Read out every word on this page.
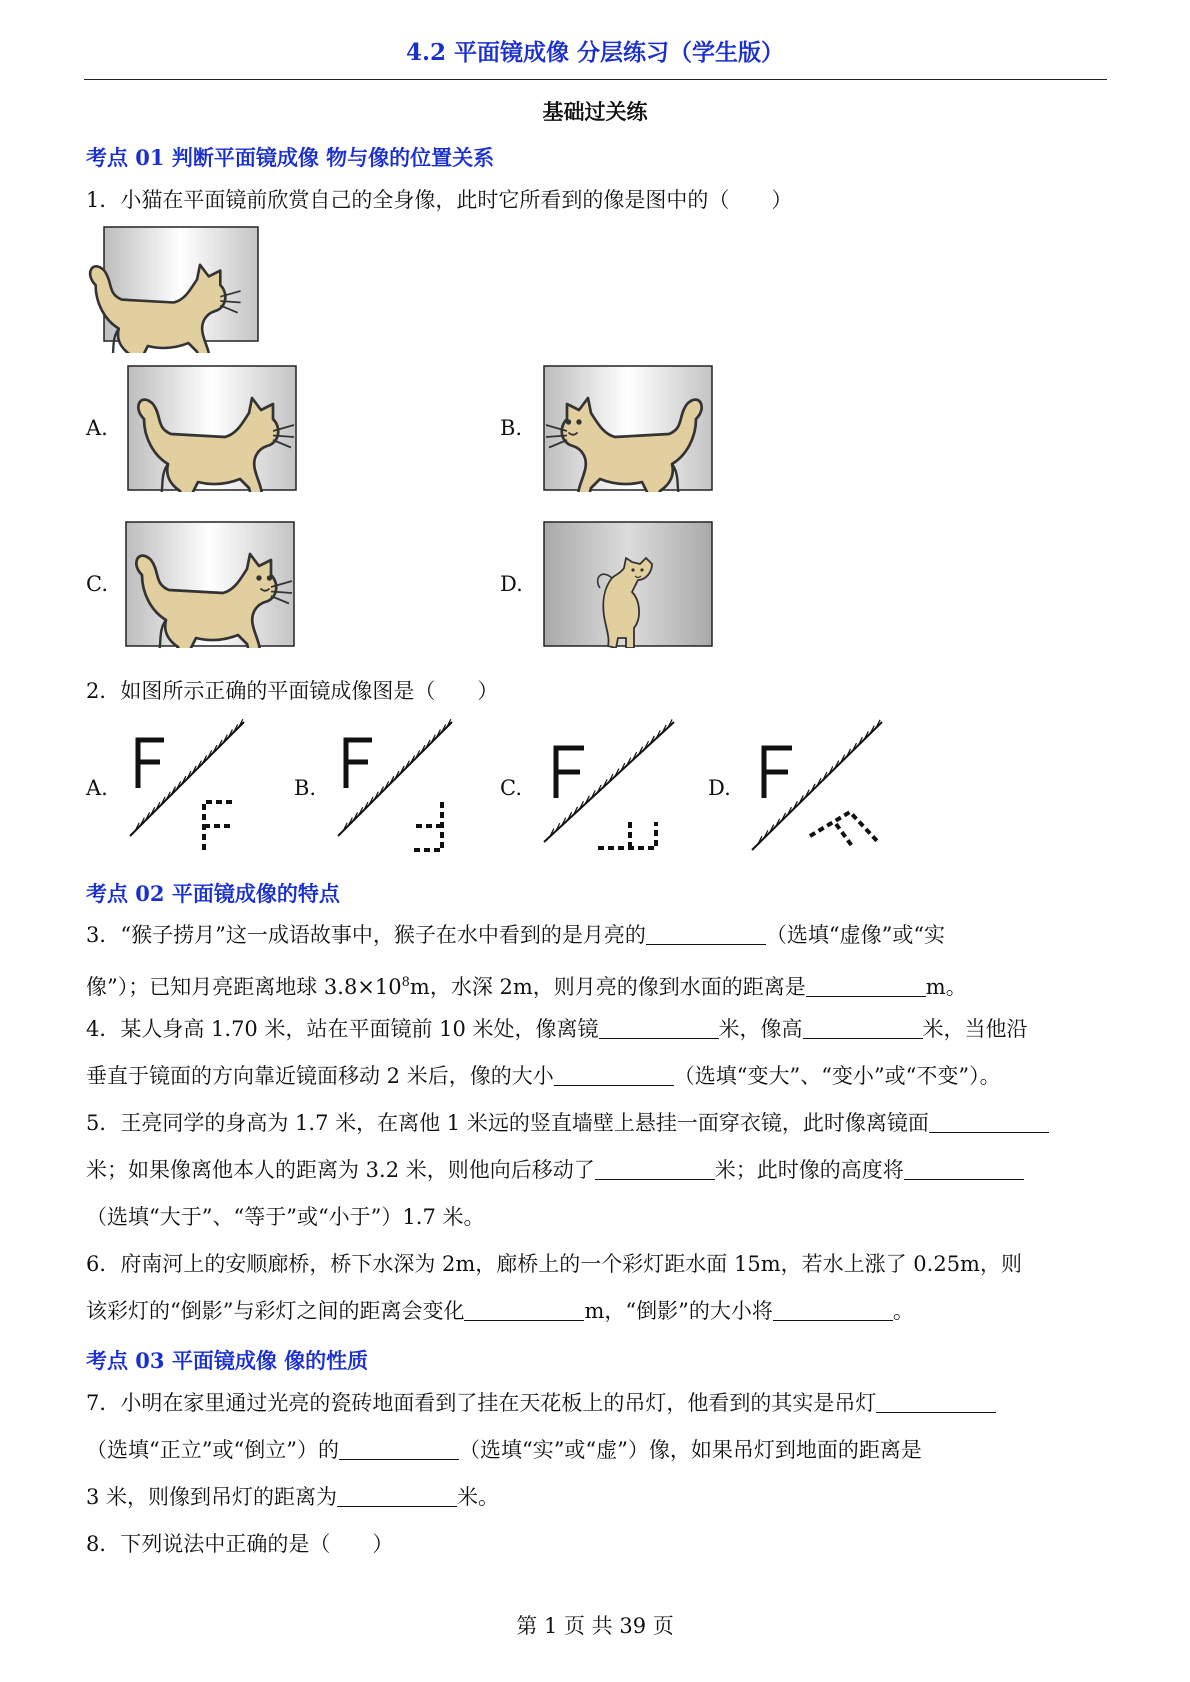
4.2 平面镜成像 分层练习（学生版）
基础过关练
考点 01 判断平面镜成像 物与像的位置关系
1．小猫在平面镜前欣赏自己的全身像，此时它所看到的像是图中的（　　）
A.	B.
C.	D.
2．如图所示正确的平面镜成像图是（　　）
A.	B.	C.	D.
考点 02 平面镜成像的特点
3．“猴子捞月”这一成语故事中，猴子在水中看到的是月亮的	（选填“虚像”或“实
像”）；已知月亮距离地球 $3.8\times 10^8m$，水深 2m，则月亮的像到水面的距离是	m。
4．某人身高 1.70 米，站在平面镜前 10 米处，像离镜	米，像高	米，当他沿
垂直于镜面的方向靠近镜面移动 2 米后，像的大小	（选填“变大”、“变小”或“不变”）。
5．王亮同学的身高为 1.7 米，在离他 1 米远的竖直墙壁上悬挂一面穿衣镜，此时像离镜面
米；如果像离他本人的距离为 3.2 米，则他向后移动了	米；此时像的高度将
（选填“大于”、“等于”或“小于”）1.7 米。
6．府南河上的安顺廊桥，桥下水深为 2m，廊桥上的一个彩灯距水面 15m，若水上涨了 0.25m，则
该彩灯的“倒影”与彩灯之间的距离会变化	m，“倒影”的大小将	。
考点 03 平面镜成像 像的性质
7．小明在家里通过光亮的瓷砖地面看到了挂在天花板上的吊灯，他看到的其实是吊灯
（选填“正立”或“倒立”）的	（选填“实”或“虚”）像，如果吊灯到地面的距离是
3 米，则像到吊灯的距离为	米。
8．下列说法中正确的是（　　）
第 1 页 共 39 页
